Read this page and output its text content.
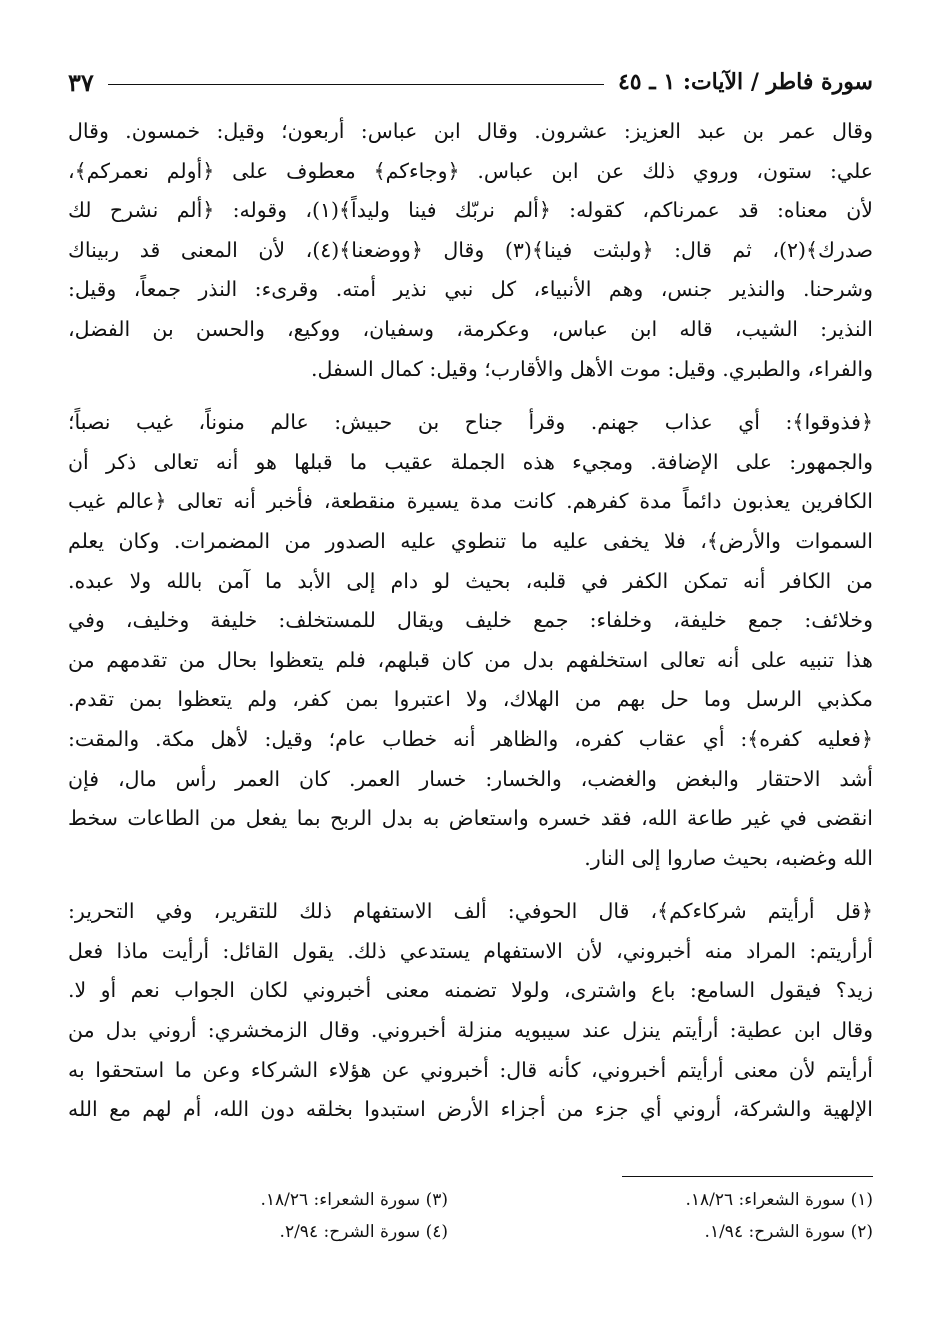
سورة فاطر / الآيات: ١ ـ ٤٥
٣٧
وقال عمر بن عبد العزيز: عشرون. وقال ابن عباس: أربعون؛ وقيل: خمسون. وقال
علي: ستون، وروي ذلك عن ابن عباس. ﴿وجاءكم﴾ معطوف على ﴿أولم نعمركم﴾،
لأن معناه: قد عمرناكم، كقوله: ﴿ألم نربّك فينا وليداً﴾(١)، وقوله: ﴿ألم نشرح لك
صدرك﴾(٢)، ثم قال: ﴿ولبثت فينا﴾(٣) وقال ﴿ووضعنا﴾(٤)، لأن المعنى قد ربيناك
وشرحنا. والنذير جنس، وهم الأنبياء، كل نبي نذير أمته. وقرىء: النذر جمعاً، وقيل:
النذير: الشيب، قاله ابن عباس، وعكرمة، وسفيان، ووكيع، والحسن بن الفضل،
والفراء، والطبري. وقيل: موت الأهل والأقارب؛ وقيل: كمال السفل.
﴿فذوقوا﴾: أي عذاب جهنم. وقرأ جناح بن حبيش: عالم منوناً، غيب نصباً؛
والجمهور: على الإضافة. ومجيء هذه الجملة عقيب ما قبلها هو أنه تعالى ذكر أن
الكافرين يعذبون دائماً مدة كفرهم. كانت مدة يسيرة منقطعة، فأخبر أنه تعالى ﴿عالم غيب
السموات والأرض﴾، فلا يخفى عليه ما تنطوي عليه الصدور من المضمرات. وكان يعلم
من الكافر أنه تمكن الكفر في قلبه، بحيث لو دام إلى الأبد ما آمن بالله ولا عبده.
وخلائف: جمع خليفة، وخلفاء: جمع خليف ويقال للمستخلف: خليفة وخليف، وفي
هذا تنبيه على أنه تعالى استخلفهم بدل من كان قبلهم، فلم يتعظوا بحال من تقدمهم من
مكذبي الرسل وما حل بهم من الهلاك، ولا اعتبروا بمن كفر، ولم يتعظوا بمن تقدم.
﴿فعليه كفره﴾: أي عقاب كفره، والظاهر أنه خطاب عام؛ وقيل: لأهل مكة. والمقت:
أشد الاحتقار والبغض والغضب، والخسار: خسار العمر. كان العمر رأس مال، فإن
انقضى في غير طاعة الله، فقد خسره واستعاض به بدل الربح بما يفعل من الطاعات سخط
الله وغضبه، بحيث صاروا إلى النار.
﴿قل أرأيتم شركاءكم﴾، قال الحوفي: ألف الاستفهام ذلك للتقرير، وفي التحرير:
أرأريتم: المراد منه أخبروني، لأن الاستفهام يستدعي ذلك. يقول القائل: أرأيت ماذا فعل
زيد؟ فيقول السامع: باع واشترى، ولولا تضمنه معنى أخبروني لكان الجواب نعم أو لا.
وقال ابن عطية: أرأيتم ينزل عند سيبويه منزلة أخبروني. وقال الزمخشري: أروني بدل من
أرأيتم لأن معنى أرأيتم أخبروني، كأنه قال: أخبروني عن هؤلاء الشركاء وعن ما استحقوا به
الإلهية والشركة، أروني أي جزء من أجزاء الأرض استبدوا بخلقه دون الله، أم لهم مع الله
(١) سورة الشعراء: ١٨/٢٦.
(٢) سورة الشرح: ١/٩٤.
(٣) سورة الشعراء: ١٨/٢٦.
(٤) سورة الشرح: ٢/٩٤.
